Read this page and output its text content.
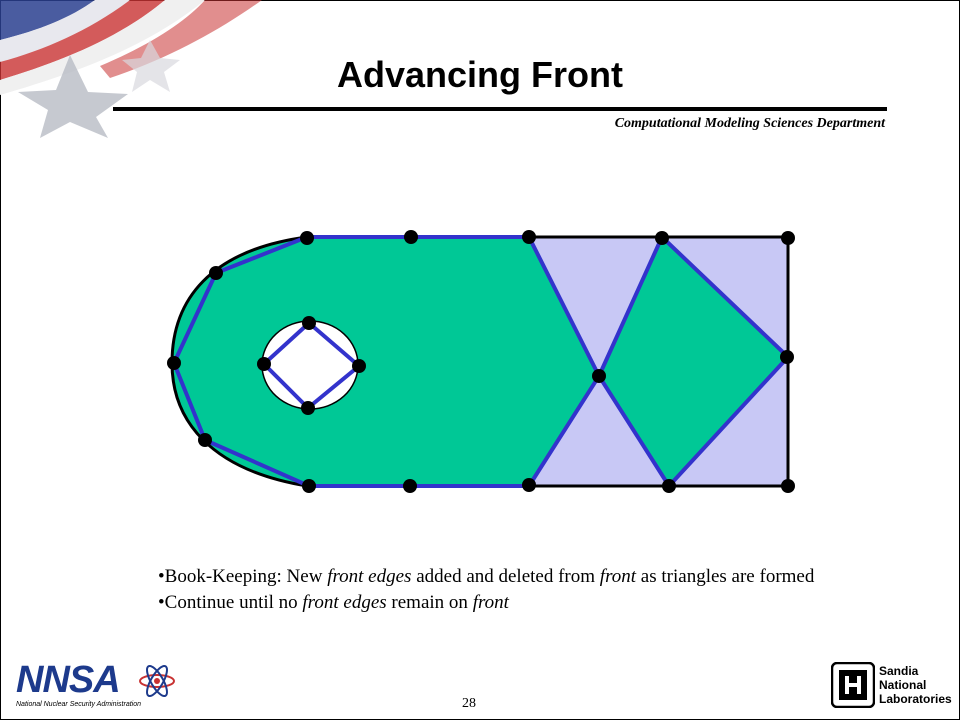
Advancing Front
Computational Modeling Sciences Department

•Book-Keeping: New front edges added and deleted from front as triangles are formed

•Continue until no front edges remain on front

NNSA
National Nuclear Security Administration	28
Sandia
National
Laboratories
